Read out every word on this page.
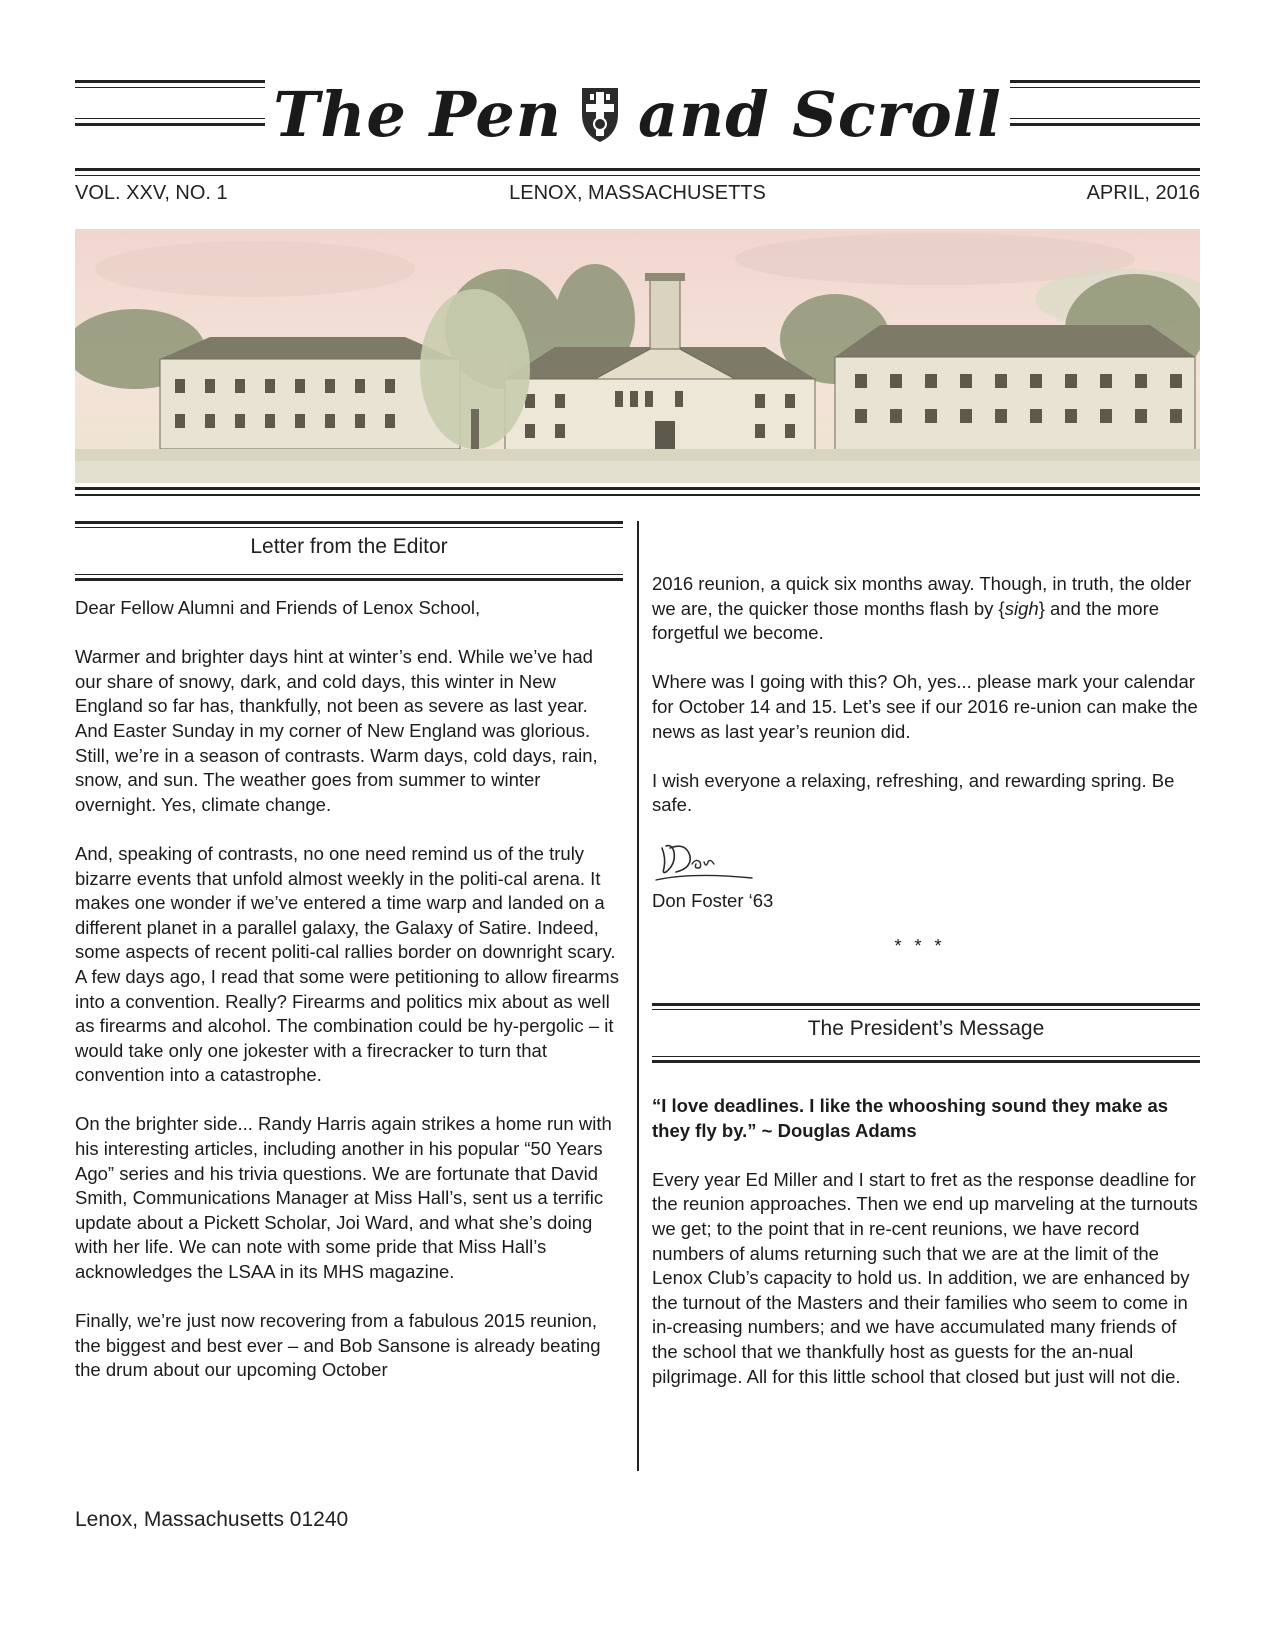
The Pen and Scroll
VOL. XXV, NO. 1	LENOX, MASSACHUSETTS	APRIL, 2016
Letter from the Editor

Dear Fellow Alumni and Friends of Lenox School,

Warmer and brighter days hint at winter’s end. While we’ve had our share of snowy, dark, and cold days, this winter in New England so far has, thankfully, not been as severe as last year. And Easter Sunday in my corner of New England was glorious. Still, we’re in a season of contrasts. Warm days, cold days, rain, snow, and sun. The weather goes from summer to winter overnight. Yes, climate change.

And, speaking of contrasts, no one need remind us of the truly bizarre events that unfold almost weekly in the politi-cal arena. It makes one wonder if we’ve entered a time warp and landed on a different planet in a parallel galaxy, the Galaxy of Satire. Indeed, some aspects of recent politi-cal rallies border on downright scary. A few days ago, I read that some were petitioning to allow firearms into a convention. Really? Firearms and politics mix about as well as firearms and alcohol. The combination could be hy-pergolic – it would take only one jokester with a firecracker to turn that convention into a catastrophe.

On the brighter side... Randy Harris again strikes a home run with his interesting articles, including another in his popular “50 Years Ago” series and his trivia questions. We are fortunate that David Smith, Communications Manager at Miss Hall’s, sent us a terrific update about a Pickett Scholar, Joi Ward, and what she’s doing with her life. We can note with some pride that Miss Hall’s acknowledges the LSAA in its MHS magazine.

Finally, we’re just now recovering from a fabulous 2015 reunion, the biggest and best ever – and Bob Sansone is already beating the drum about our upcoming October

2016 reunion, a quick six months away. Though, in truth, the older we are, the quicker those months flash by {sigh} and the more forgetful we become.

Where was I going with this? Oh, yes... please mark your calendar for October 14 and 15. Let’s see if our 2016 re-union can make the news as last year’s reunion did.

I wish everyone a relaxing, refreshing, and rewarding spring. Be safe.

Don Foster ‘63
* * *
The President’s Message

“I love deadlines. I like the whooshing sound they make as they fly by.” ~ Douglas Adams

Every year Ed Miller and I start to fret as the response deadline for the reunion approaches. Then we end up marveling at the turnouts we get; to the point that in re-cent reunions, we have record numbers of alums returning such that we are at the limit of the Lenox Club’s capacity to hold us. In addition, we are enhanced by the turnout of the Masters and their families who seem to come in in-creasing numbers; and we have accumulated many friends of the school that we thankfully host as guests for the an-nual pilgrimage. All for this little school that closed but just will not die.

Lenox, Massachusetts 01240
